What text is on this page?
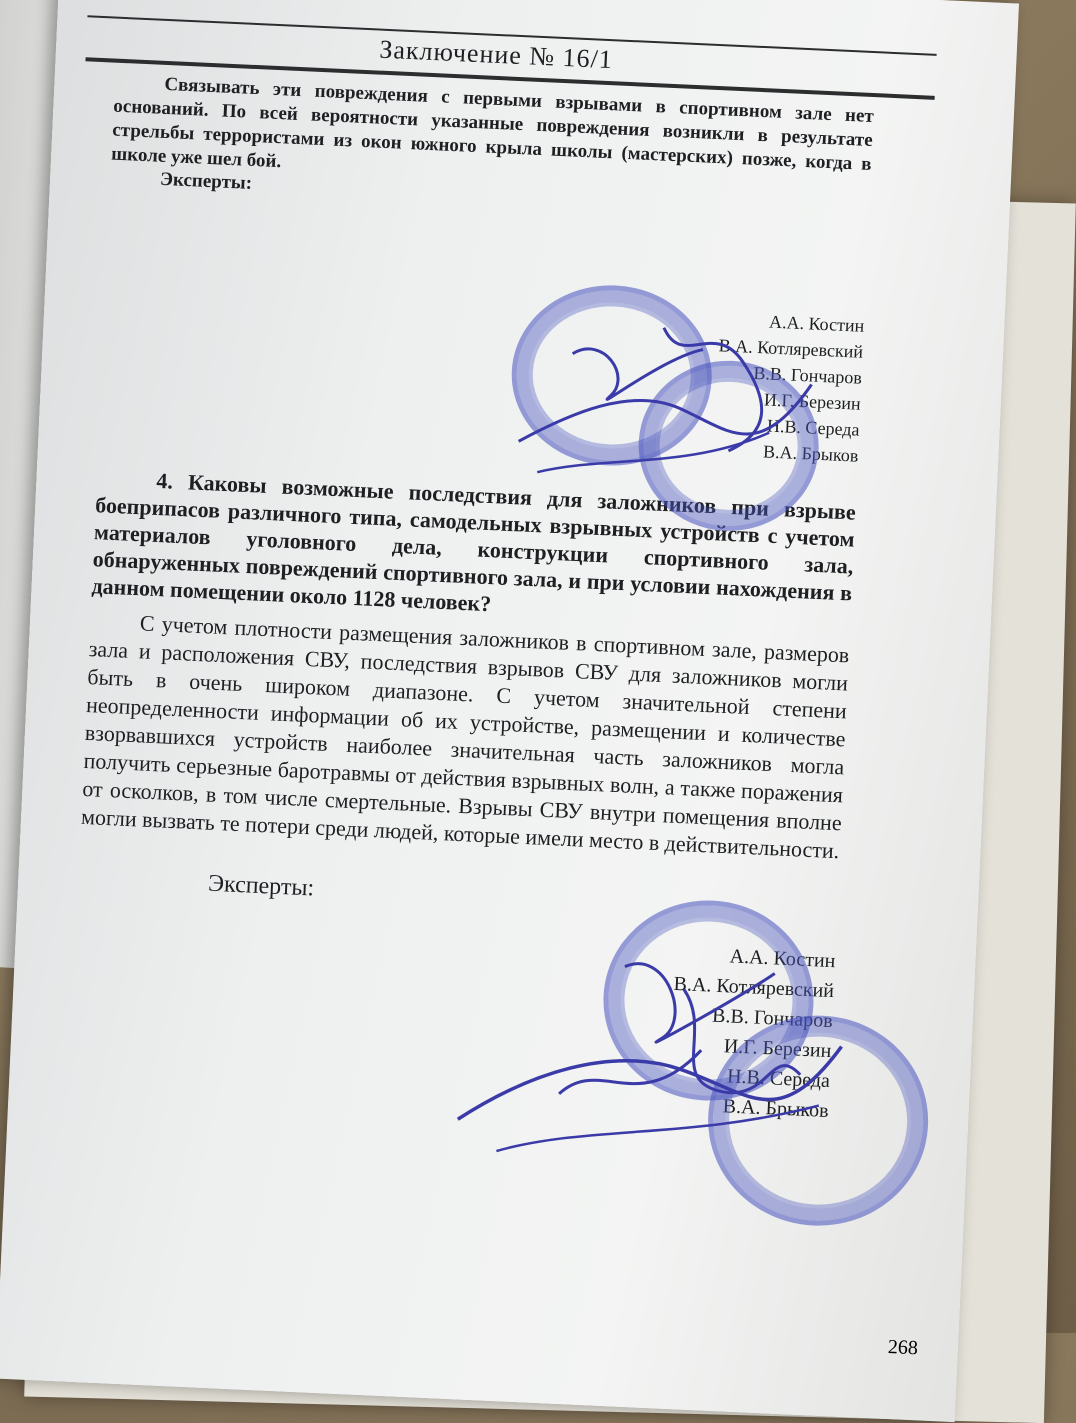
Заключение № 16/1

Связывать эти повреждения с первыми взрывами в спортивном зале нет оснований. По всей вероятности указанные повреждения возникли в результате стрельбы террористами из окон южного крыла школы (мастерских) позже, когда в школе уже шел бой.

Эксперты:

А.А. Костин
В.А. Котляревский
В.В. Гончаров
И.Г. Березин
Н.В. Середа
В.А. Брыков

4. Каковы возможные последствия для заложников при взрыве боеприпасов различного типа, самодельных взрывных устройств с учетом материалов уголовного дела, конструкции спортивного зала, обнаруженных повреждений спортивного зала, и при условии нахождения в данном помещении около 1128 человек?

С учетом плотности размещения заложников в спортивном зале, размеров зала и расположения СВУ, последствия взрывов СВУ для заложников могли быть в очень широком диапазоне. С учетом значительной степени неопределенности информации об их устройстве, размещении и количестве взорвавшихся устройств наиболее значительная часть заложников могла получить серьезные баротравмы от действия взрывных волн, а также поражения от осколков, в том числе смертельные. Взрывы СВУ внутри помещения вполне могли вызвать те потери среди людей, которые имели место в действительности.

Эксперты:

А.А. Костин
В.А. Котляревский
В.В. Гончаров
И.Г. Березин
Н.В. Середа
В.А. Брыков
268
